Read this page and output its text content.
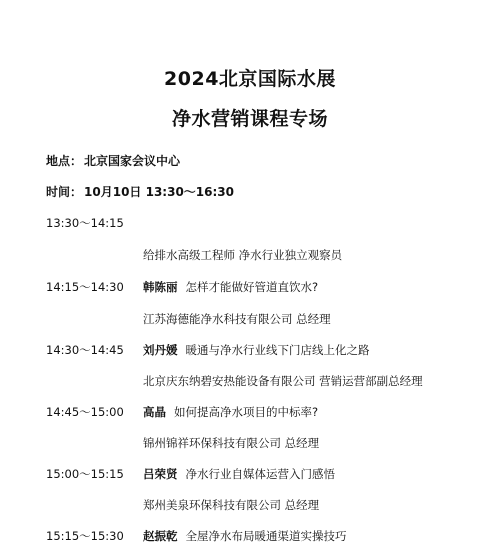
2024北京国际水展
净水营销课程专场
地点： 北京国家会议中心
时间： 10月10日 13:30～16:30
13:30～14:15
给排水高级工程师 净水行业独立观察员
14:15～14:30 韩陈丽 怎样才能做好管道直饮水?
江苏海德能净水科技有限公司 总经理
14:30～14:45 刘丹媛 暖通与净水行业线下门店线上化之路
北京庆东纳碧安热能设备有限公司 营销运营部副总经理
14:45～15:00 高晶 如何提高净水项目的中标率?
锦州锦祥环保科技有限公司 总经理
15:00～15:15 吕荣贤 净水行业自媒体运营入门感悟
郑州美泉环保科技有限公司 总经理
15:15～15:30 赵振乾 全屋净水布局暖通渠道实操技巧
